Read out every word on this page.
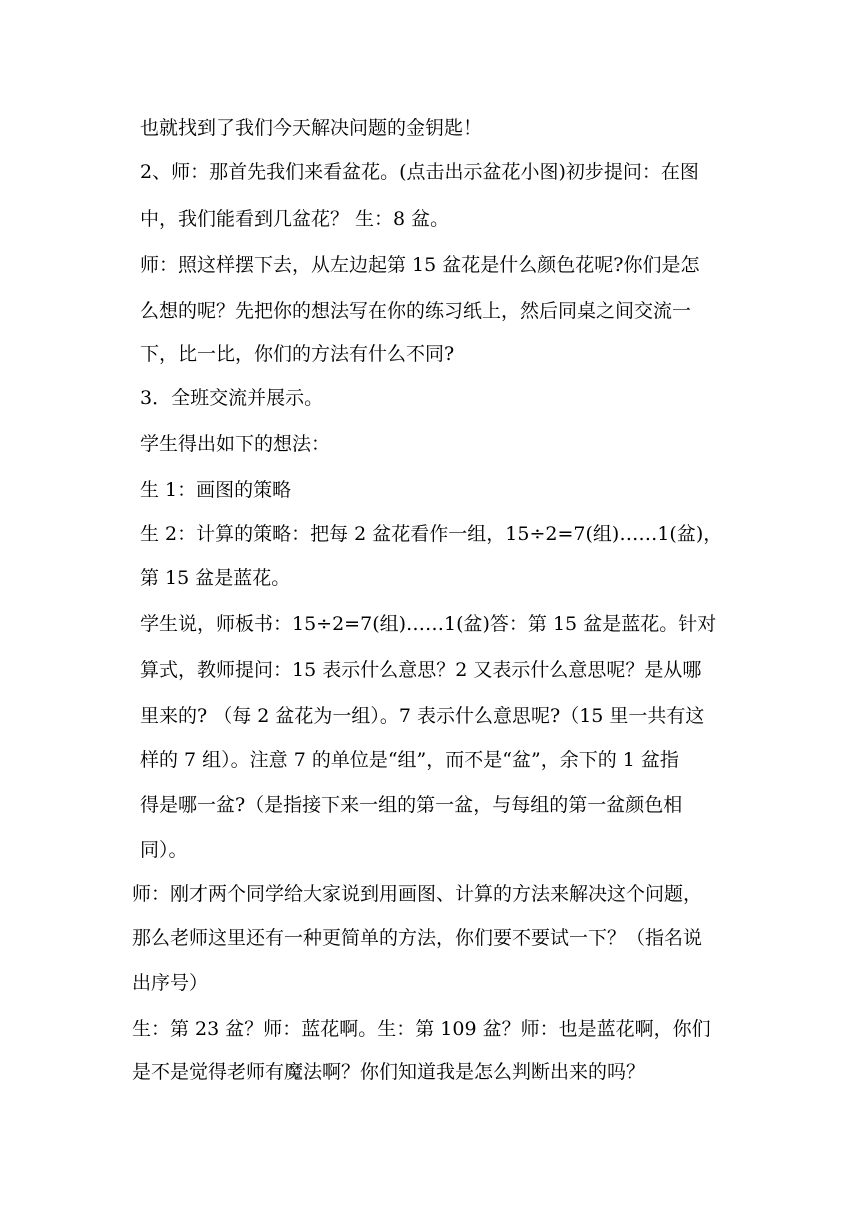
也就找到了我们今天解决问题的金钥匙！
2、师：那首先我们来看盆花。(点击出示盆花小图)初步提问：在图
中，我们能看到几盆花？ 生：8 盆。
师：照这样摆下去，从左边起第 15 盆花是什么颜色花呢?你们是怎
么想的呢？先把你的想法写在你的练习纸上，然后同桌之间交流一
下，比一比，你们的方法有什么不同?
3．全班交流并展示。
学生得出如下的想法：
生 1：画图的策略
生 2：计算的策略：把每 2 盆花看作一组，15÷2=7(组)……1(盆)，
第 15 盆是蓝花。
学生说，师板书：15÷2=7(组)……1(盆)答：第 15 盆是蓝花。针对
算式，教师提问：15 表示什么意思？2 又表示什么意思呢？是从哪
里来的? （每 2 盆花为一组）。7 表示什么意思呢?（15 里一共有这
样的 7 组）。注意 7 的单位是“组”，而不是“盆”，余下的 1 盆指
得是哪一盆?（是指接下来一组的第一盆，与每组的第一盆颜色相
同）。
师：刚才两个同学给大家说到用画图、计算的方法来解决这个问题，
那么老师这里还有一种更简单的方法，你们要不要试一下？（指名说
出序号）
生：第 23 盆？师：蓝花啊。生：第 109 盆？师：也是蓝花啊，你们
是不是觉得老师有魔法啊？你们知道我是怎么判断出来的吗？
